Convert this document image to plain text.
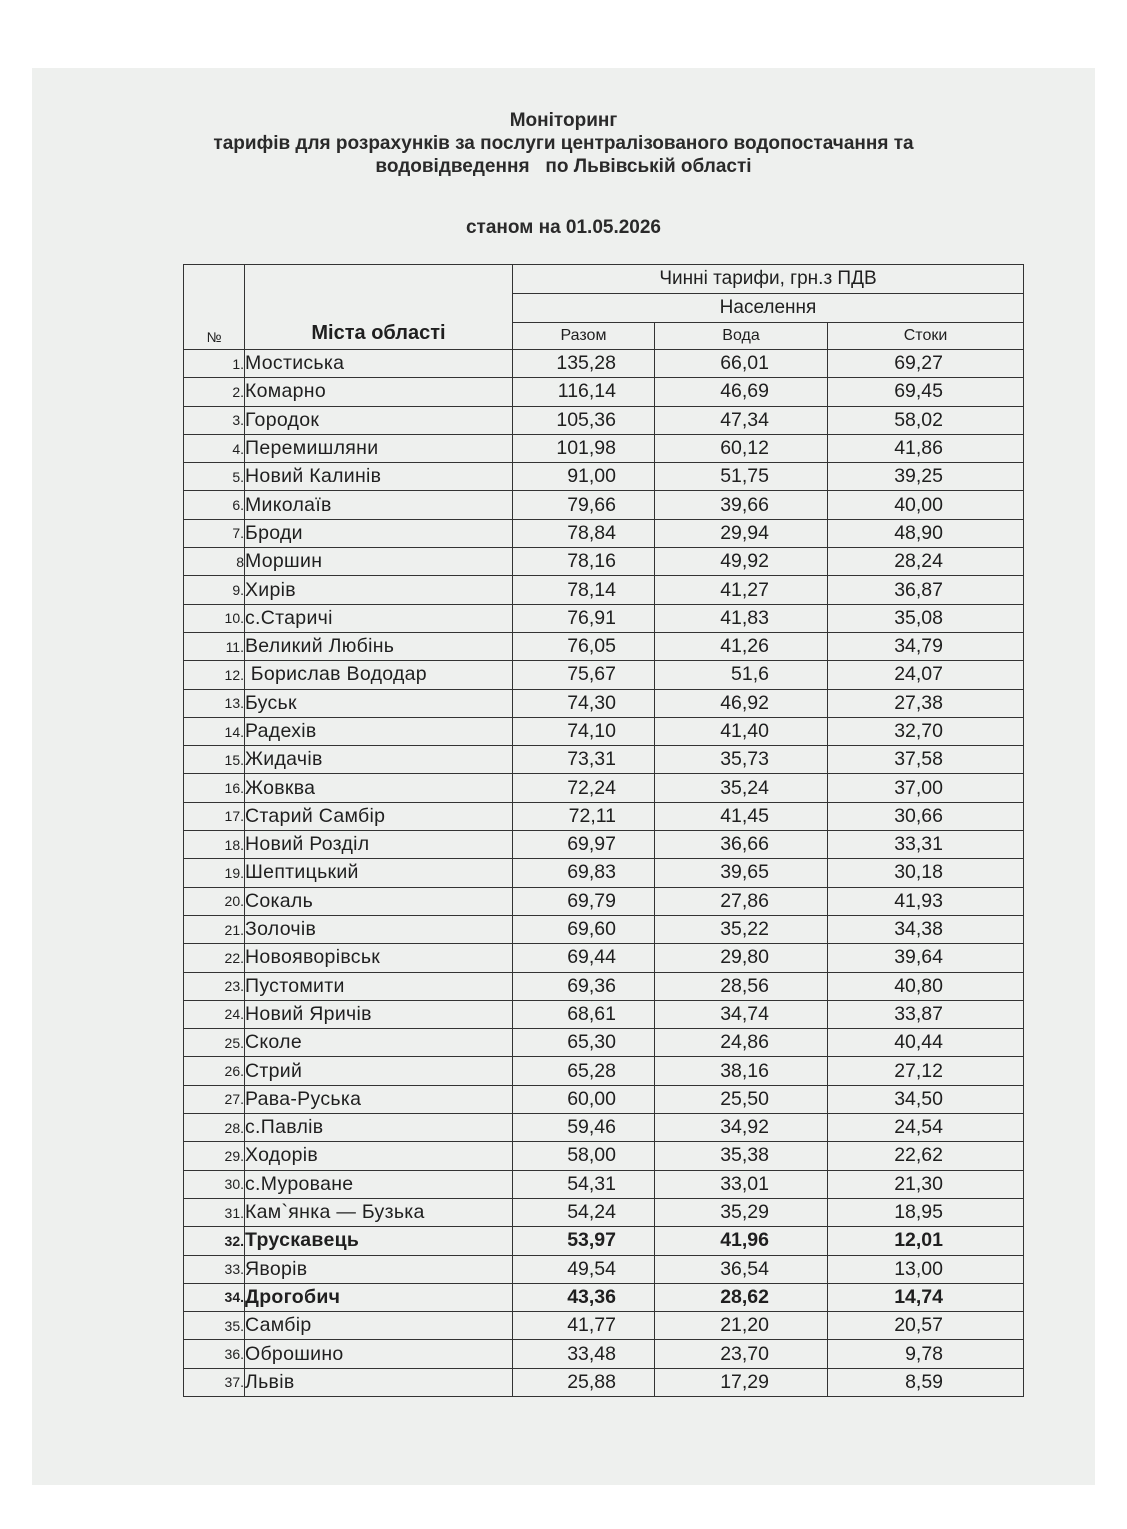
Моніторинг
тарифів для розрахунків за послуги централізованого водопостачання та
водовідведення   по Львівській області
станом на 01.05.2026
№	Міста області	Чинні тарифи, грн.з ПДВ		
		Населення		
		Разом	Вода	Стоки
1.	Мостиська	135,28	66,01	69,27
2.	Комарно	116,14	46,69	69,45
3.	Городок	105,36	47,34	58,02
4.	Перемишляни	101,98	60,12	41,86
5.	Новий Калинів	91,00	51,75	39,25
6.	Миколаїв	79,66	39,66	40,00
7.	Броди	78,84	29,94	48,90
8	Моршин	78,16	49,92	28,24
9.	Хирів	78,14	41,27	36,87
10.	с.Старичі	76,91	41,83	35,08
11.	Великий Любінь	76,05	41,26	34,79
12.	Борислав Вододар	75,67	51,6	24,07
13.	Буськ	74,30	46,92	27,38
14.	Радехів	74,10	41,40	32,70
15.	Жидачів	73,31	35,73	37,58
16.	Жовква	72,24	35,24	37,00
17.	Старий Самбір	72,11	41,45	30,66
18.	Новий Розділ	69,97	36,66	33,31
19.	Шептицький	69,83	39,65	30,18
20.	Сокаль	69,79	27,86	41,93
21.	Золочів	69,60	35,22	34,38
22.	Новояворівськ	69,44	29,80	39,64
23.	Пустомити	69,36	28,56	40,80
24.	Новий Яричів	68,61	34,74	33,87
25.	Сколе	65,30	24,86	40,44
26.	Стрий	65,28	38,16	27,12
27.	Рава-Руська	60,00	25,50	34,50
28.	с.Павлів	59,46	34,92	24,54
29.	Ходорів	58,00	35,38	22,62
30.	с.Муроване	54,31	33,01	21,30
31.	Кам`янка — Бузька	54,24	35,29	18,95
32.	Трускавець	53,97	41,96	12,01
33.	Яворів	49,54	36,54	13,00
34.	Дрогобич	43,36	28,62	14,74
35.	Самбір	41,77	21,20	20,57
36.	Оброшино	33,48	23,70	9,78
37.	Львів	25,88	17,29	8,59
